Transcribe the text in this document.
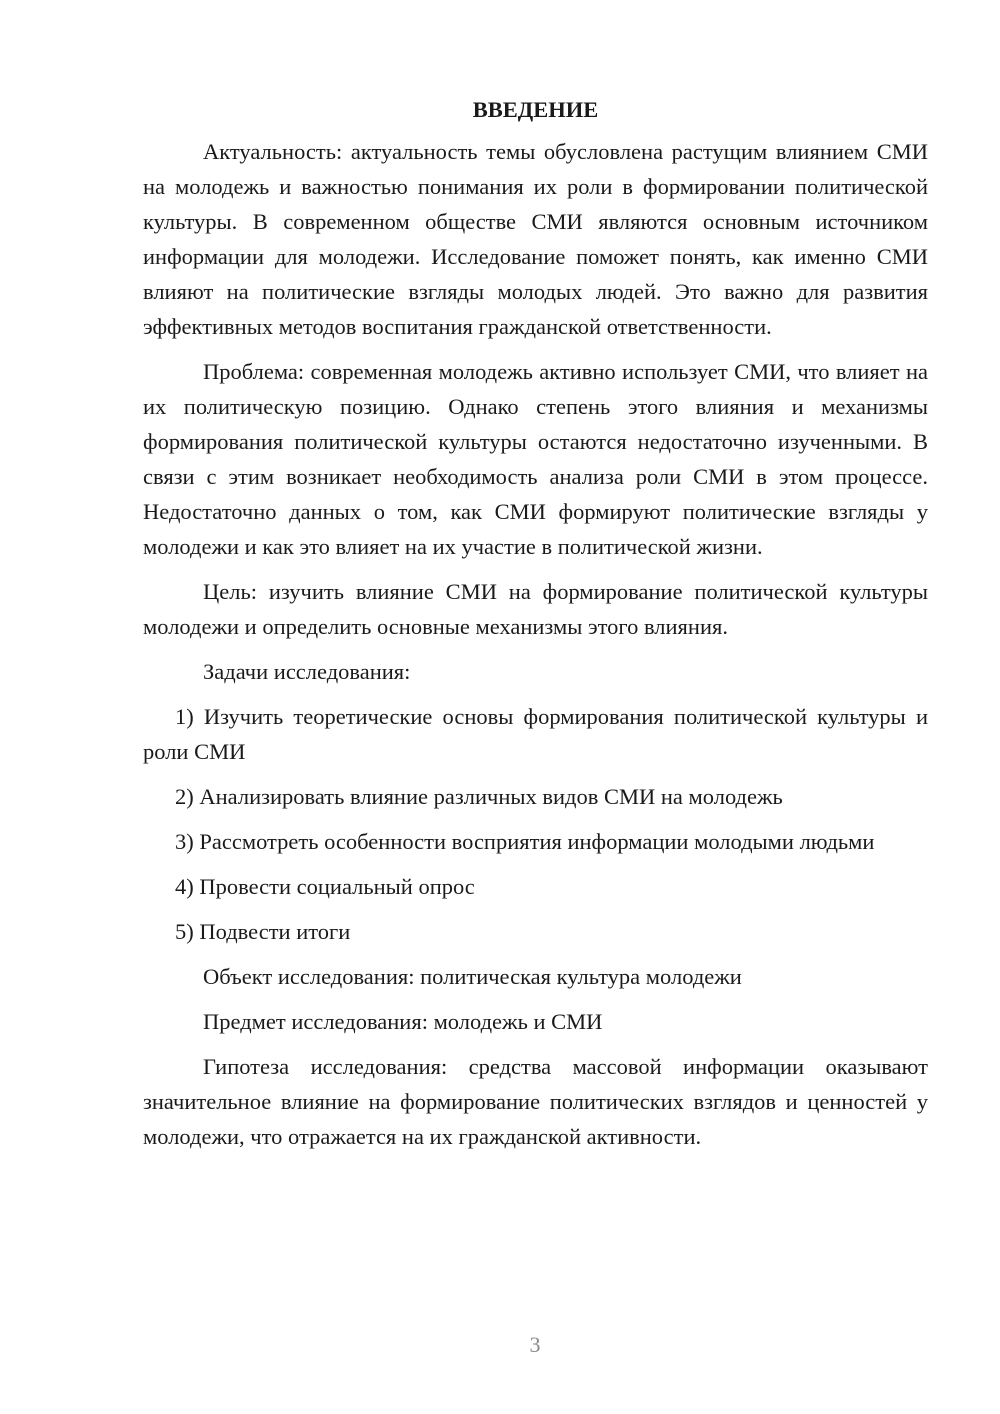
ВВЕДЕНИЕ

Актуальность: актуальность темы обусловлена растущим влиянием СМИ на молодежь и важностью понимания их роли в формировании политической культуры. В современном обществе СМИ являются основным источником информации для молодежи. Исследование поможет понять, как именно СМИ влияют на политические взгляды молодых людей. Это важно для развития эффективных методов воспитания гражданской ответственности.

Проблема: современная молодежь активно использует СМИ, что влияет на их политическую позицию. Однако степень этого влияния и механизмы формирования политической культуры остаются недостаточно изученными. В связи с этим возникает необходимость анализа роли СМИ в этом процессе. Недостаточно данных о том, как СМИ формируют политические взгляды у молодежи и как это влияет на их участие в политической жизни.

Цель: изучить влияние СМИ на формирование политической культуры молодежи и определить основные механизмы этого влияния.

Задачи исследования:

1) Изучить теоретические основы формирования политической культуры и роли СМИ

2) Анализировать влияние различных видов СМИ на молодежь

3) Рассмотреть особенности восприятия информации молодыми людьми

4) Провести социальный опрос

5) Подвести итоги

Объект исследования: политическая культура молодежи

Предмет исследования: молодежь и СМИ

Гипотеза исследования: средства массовой информации оказывают значительное влияние на формирование политических взглядов и ценностей у молодежи, что отражается на их гражданской активности.

3
